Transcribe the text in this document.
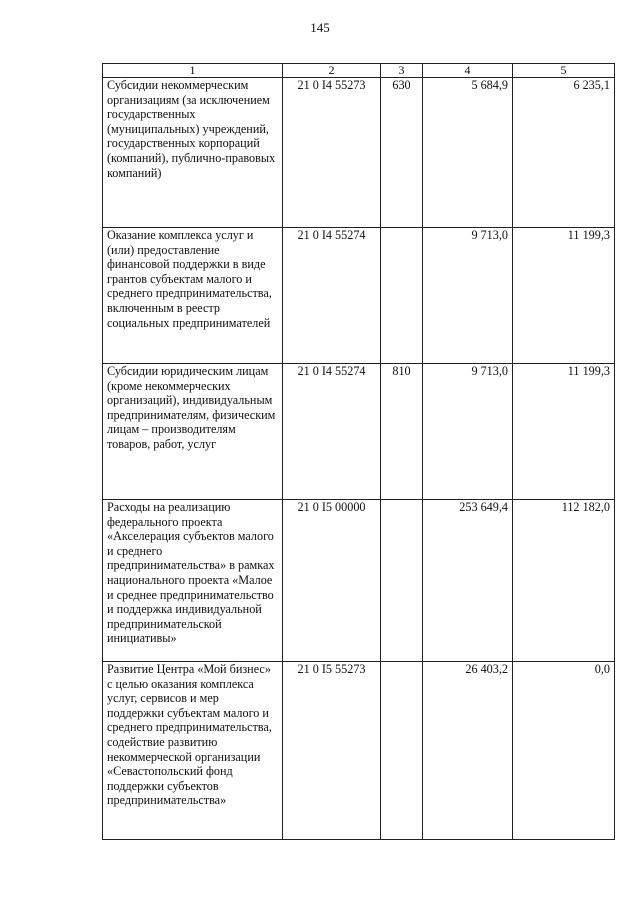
145
1	2	3	4	5
Субсидии некоммерческим организациям (за исключением государственных (муниципальных) учреждений, государственных корпораций (компаний), публично-правовых компаний)	21 0 I4 55273	630	5 684,9	6 235,1
Оказание комплекса услуг и (или) предоставление финансовой поддержки в виде грантов субъектам малого и среднего предпринимательства, включенным в реестр социальных предпринимателей	21 0 I4 55274		9 713,0	11 199,3
Субсидии юридическим лицам (кроме некоммерческих организаций), индивидуальным предпринимателям, физическим лицам – производителям товаров, работ, услуг	21 0 I4 55274	810	9 713,0	11 199,3
Расходы на реализацию федерального проекта «Акселерация субъектов малого и среднего предпринимательства» в рамках национального проекта «Малое и среднее предпринимательство и поддержка индивидуальной предпринимательской инициативы»	21 0 I5 00000		253 649,4	112 182,0
Развитие Центра «Мой бизнес» с целью оказания комплекса услуг, сервисов и мер поддержки субъектам малого и среднего предпринимательства, содействие развитию некоммерческой организации «Севастопольский фонд поддержки субъектов предпринимательства»	21 0 I5 55273		26 403,2	0,0
